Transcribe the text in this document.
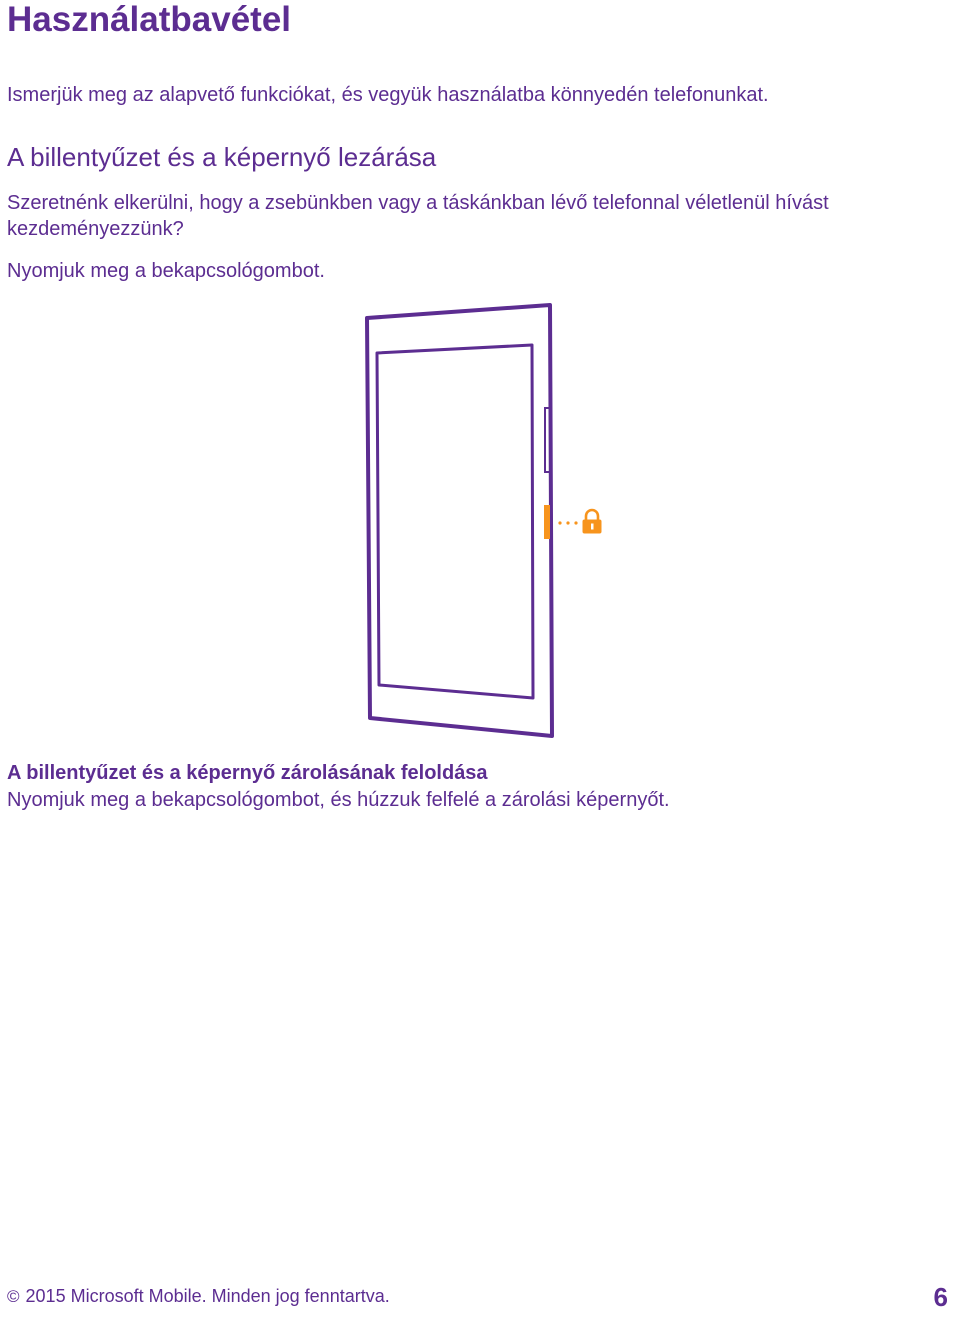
Használatbavétel

Ismerjük meg az alapvető funkciókat, és vegyük használatba könnyedén telefonunkat.

A billentyűzet és a képernyő lezárása

Szeretnénk elkerülni, hogy a zsebünkben vagy a táskánkban lévő telefonnal véletlenül hívást kezdeményezzünk?

Nyomjuk meg a bekapcsológombot.

A billentyűzet és a képernyő zárolásának feloldása

Nyomjuk meg a bekapcsológombot, és húzzuk felfelé a zárolási képernyőt.

© 2015 Microsoft Mobile. Minden jog fenntartva.	6
